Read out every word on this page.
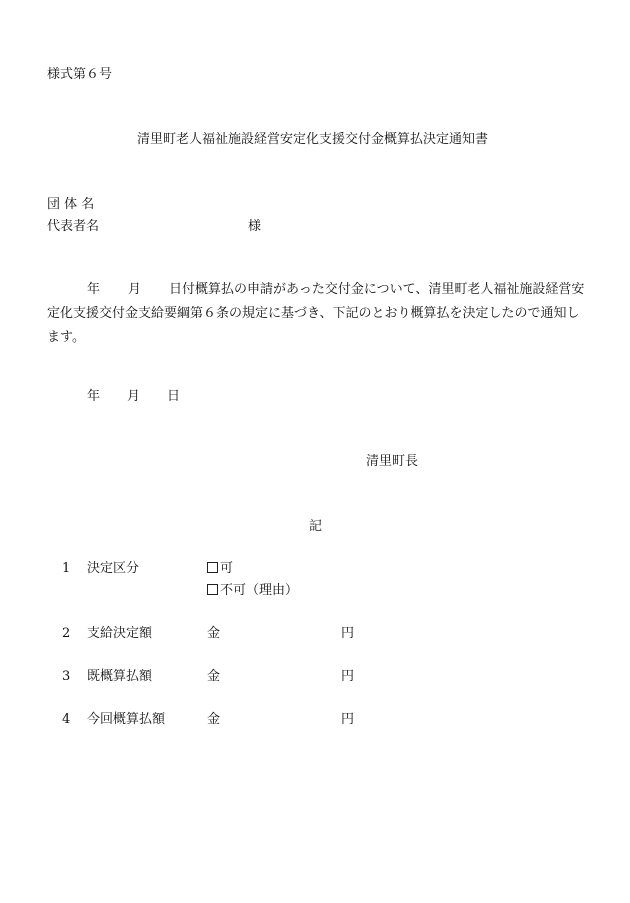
様式第６号
清里町老人福祉施設経営安定化支援交付金概算払決定通知書
団 体 名
代表者名	様
年 月 日付概算払の申請があった交付金について、清里町老人福祉施設経営安定化支援交付金支給要綱第６条の規定に基づき、下記のとおり概算払を決定したので通知します。
年 月 日
清里町長
記
1 決定区分	可
不可（理由）
2 支給決定額	金	円
3 既概算払額	金	円
4 今回概算払額	金	円
